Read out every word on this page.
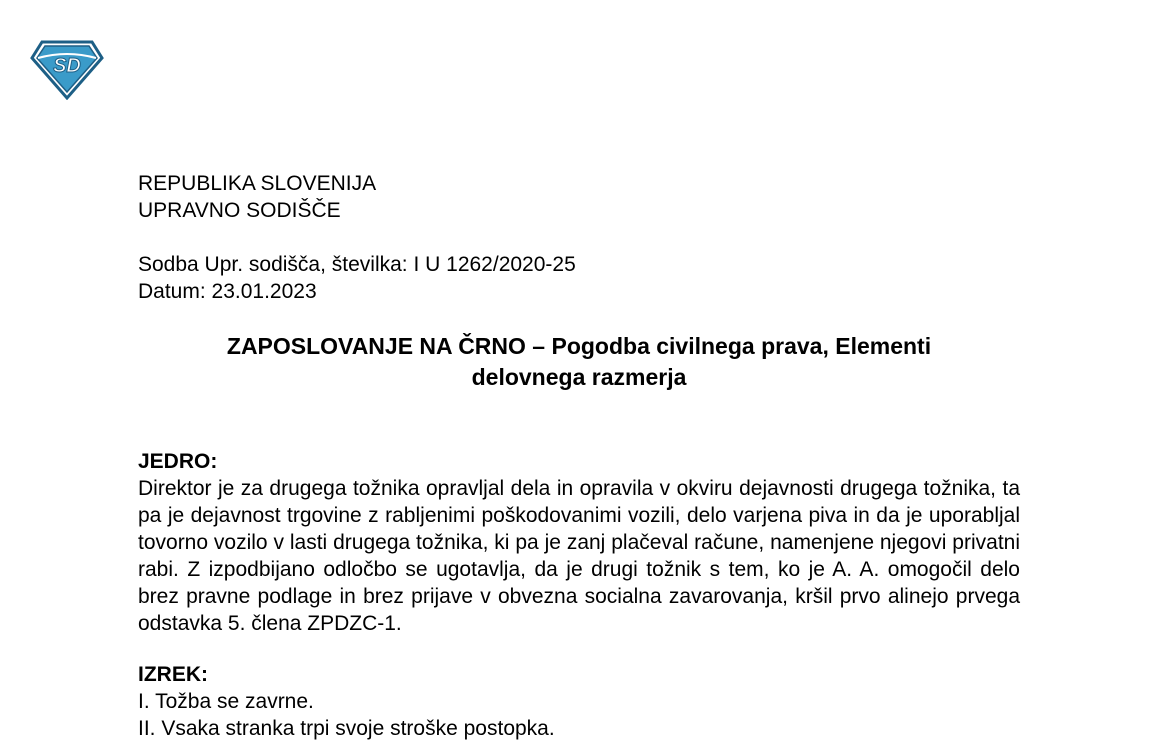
SD
REPUBLIKA SLOVENIJA
UPRAVNO SODIŠČE
Sodba Upr. sodišča, številka: I U 1262/2020-25
Datum: 23.01.2023
ZAPOSLOVANJE NA ČRNO – Pogodba civilnega prava, Elementi
delovnega razmerja
JEDRO:
Direktor je za drugega tožnika opravljal dela in opravila v okviru dejavnosti drugega tožnika, ta pa je dejavnost trgovine z rabljenimi poškodovanimi vozili, delo varjena piva in da je uporabljal tovorno vozilo v lasti drugega tožnika, ki pa je zanj plačeval račune, namenjene njegovi privatni rabi. Z izpodbijano odločbo se ugotavlja, da je drugi tožnik s tem, ko je A. A. omogočil delo brez pravne podlage in brez prijave v obvezna socialna zavarovanja, kršil prvo alinejo prvega odstavka 5. člena ZPDZC-1.
IZREK:
I. Tožba se zavrne.
II. Vsaka stranka trpi svoje stroške postopka.
